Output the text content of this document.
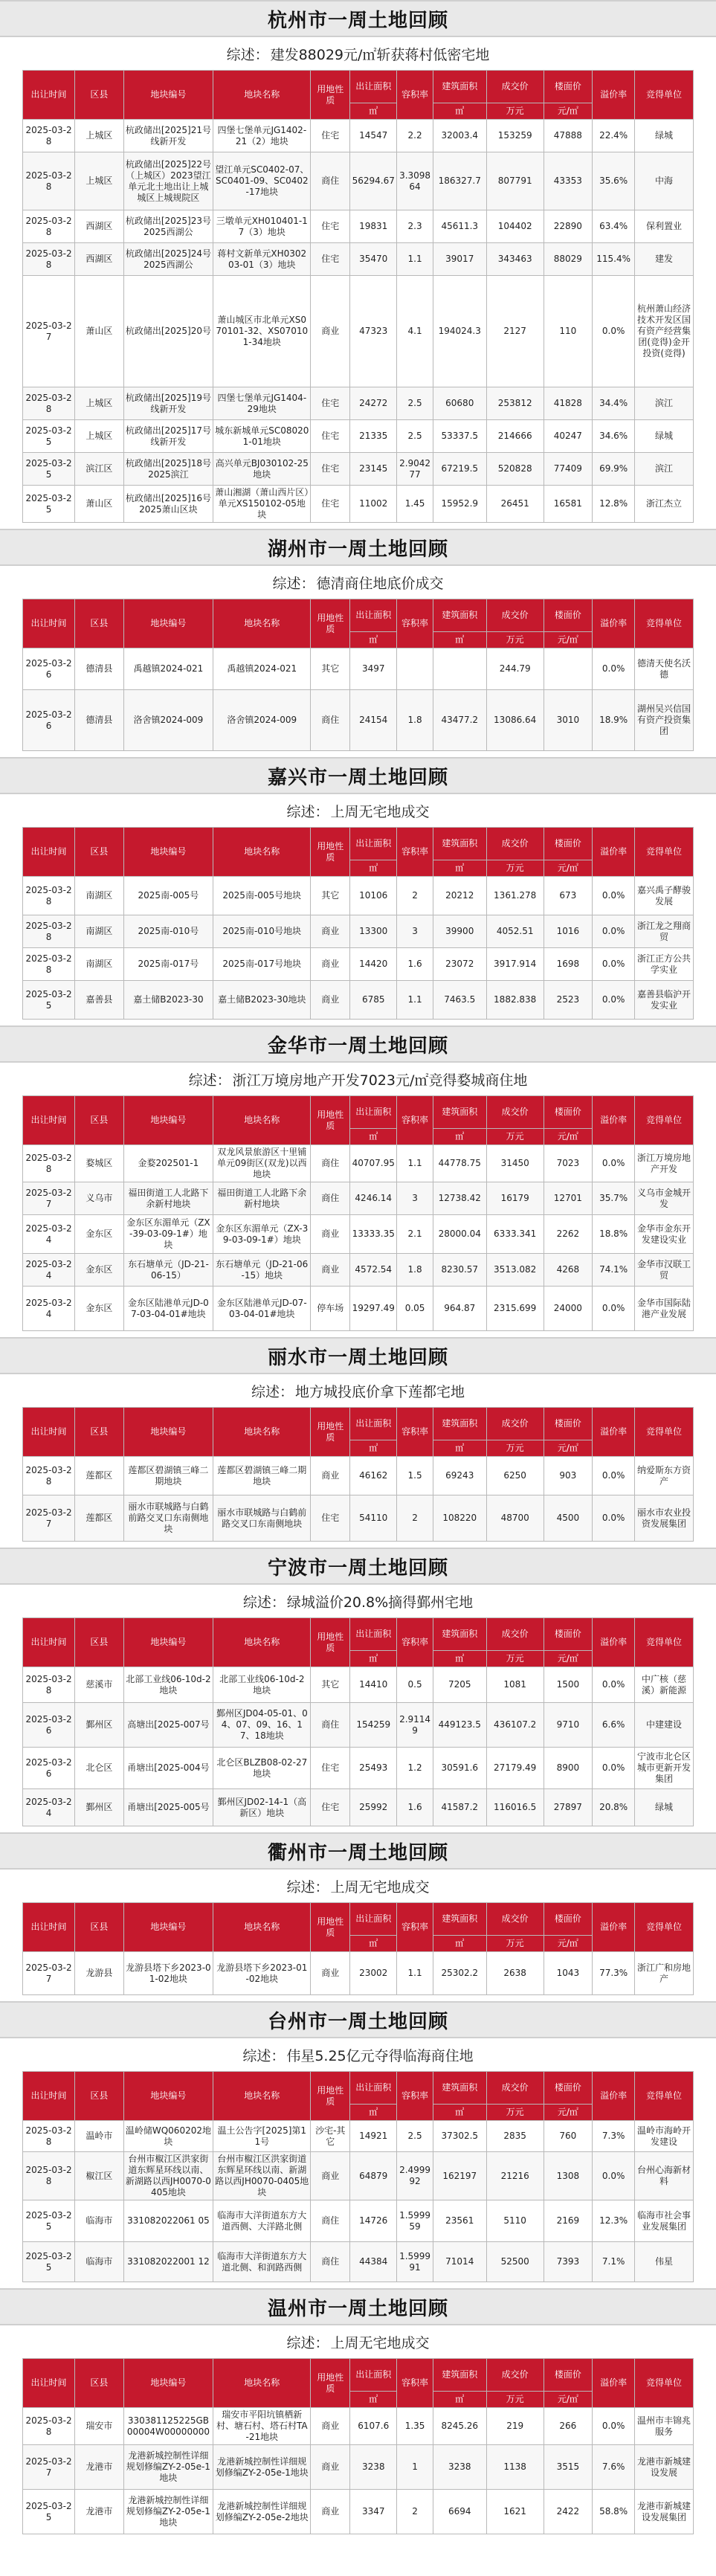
杭州市一周土地回顾
综述： 建发88029元/㎡斩获蒋村低密宅地
出让时间	区县	地块编号	地块名称	用地性质	出让面积	容积率	建筑面积	成交价	楼面价	溢价率	竞得单位
					㎡		㎡	万元	元/㎡		
2025-03-28	上城区	杭政储出[2025]21号线新开发	四堡七堡单元JG1402-21（2）地块	住宅	14547	2.2	32003.4	153259	47888	22.4%	绿城
2025-03-28	上城区	杭政储出[2025]22号（上城区）2023望江单元北土地出让上城城区上城规院区	望江单元SC0402-07、SC0401-09、SC0402-17地块	商住	56294.67	3.3098 64	186327.7	807791	43353	35.6%	中海
2025-03-28	西湖区	杭政储出[2025]23号 2025西湖公	三墩单元XH010401-17（3）地块	住宅	19831	2.3	45611.3	104402	22890	63.4%	保利置业
2025-03-28	西湖区	杭政储出[2025]24号 2025西湖公	蒋村文新单元XH030203-01（3）地块	住宅	35470	1.1	39017	343463	88029	115.4%	建发
2025-03-27	萧山区	杭政储出[2025]20号	萧山城区市北单元XS070101-32、XS070101-34地块	商业	47323	4.1	194024.3	2127	110	0.0%	杭州萧山经济技术开发区国有资产经营集团(竞得)金开投资(竞得)
2025-03-28	上城区	杭政储出[2025]19号线新开发	四堡七堡单元JG1404-29地块	住宅	24272	2.5	60680	253812	41828	34.4%	滨江
2025-03-25	上城区	杭政储出[2025]17号 线新开发	城东新城单元SC080201-01地块	住宅	21335	2.5	53337.5	214666	40247	34.6%	绿城
2025-03-25	滨江区	杭政储出[2025]18号 2025滨江	高兴单元BJ030102-25地块	住宅	23145	2.9042 77	67219.5	520828	77409	69.9%	滨江
2025-03-25	萧山区	杭政储出[2025]16号 2025萧山区块	萧山湘湖（萧山西片区）单元XS150102-05地块	住宅	11002	1.45	15952.9	26451	16581	12.8%	浙江杰立
湖州市一周土地回顾
综述： 德清商住地底价成交
出让时间	区县	地块编号	地块名称	用地性质	出让面积	容积率	建筑面积	成交价	楼面价	溢价率	竞得单位
					㎡		㎡	万元	元/㎡		
2025-03-26	德清县	禹越镇2024-021	禹越镇2024-021	其它	3497			244.79		0.0%	德清天使名沃德
2025-03-26	德清县	洛舍镇2024-009	洛舍镇2024-009	商住	24154	1.8	43477.2	13086.64	3010	18.9%	湖州吴兴信国有资产投资集团
嘉兴市一周土地回顾
综述： 上周无宅地成交
出让时间	区县	地块编号	地块名称	用地性质	出让面积	容积率	建筑面积	成交价	楼面价	溢价率	竞得单位
					㎡		㎡	万元	元/㎡		
2025-03-28	南湖区	2025南-005号	2025南-005号地块	其它	10106	2	20212	1361.278	673	0.0%	嘉兴禹子酵骏发展
2025-03-28	南湖区	2025南-010号	2025南-010号地块	商业	13300	3	39900	4052.51	1016	0.0%	浙江龙之翔商贸
2025-03-28	南湖区	2025南-017号	2025南-017号地块	商业	14420	1.6	23072	3917.914	1698	0.0%	浙江正方公共学实业
2025-03-25	嘉善县	嘉土储B2023-30	嘉土储B2023-30地块	商业	6785	1.1	7463.5	1882.838	2523	0.0%	嘉善县临沪开发实业
金华市一周土地回顾
综述： 浙江万境房地产开发7023元/㎡竞得婺城商住地
出让时间	区县	地块编号	地块名称	用地性质	出让面积	容积率	建筑面积	成交价	楼面价	溢价率	竞得单位
					㎡		㎡	万元	元/㎡		
2025-03-28	婺城区	金婺202501-1	双龙风景旅游区十里铺单元09街区(双龙)以西地块	商住	40707.95	1.1	44778.75	31450	7023	0.0%	浙江万境房地产开发
2025-03-27	义乌市	福田街道工人北路下余新村地块	福田街道工人北路下余新村地块	商住	4246.14	3	12738.42	16179	12701	35.7%	义乌市金城开发
2025-03-24	金东区	金东区东湄单元（ZX-39-03-09-1#）地块	金东区东湄单元（ZX-39-03-09-1#）地块	商业	13333.35	2.1	28000.04	6333.341	2262	18.8%	金华市金东开发建设实业
2025-03-24	金东区	东石塘单元（JD-21-06-15）	东石塘单元（JD-21-06-15）地块	商业	4572.54	1.8	8230.57	3513.082	4268	74.1%	金华市汉联工贸
2025-03-24	金东区	金东区陆港单元JD-07-03-04-01#地块	金东区陆港单元JD-07-03-04-01#地块	停车场	19297.49	0.05	964.87	2315.699	24000	0.0%	金华市国际陆港产业发展
丽水市一周土地回顾
综述： 地方城投底价拿下莲都宅地
出让时间	区县	地块编号	地块名称	用地性质	出让面积	容积率	建筑面积	成交价	楼面价	溢价率	竞得单位
					㎡		㎡	万元	元/㎡		
2025-03-28	莲都区	莲都区碧湖镇三峰二期地块	莲都区碧湖镇三峰二期地块	商业	46162	1.5	69243	6250	903	0.0%	纳爱斯东方资产
2025-03-27	莲都区	丽水市联城路与白鹤前路交叉口东南侧地块	丽水市联城路与白鹤前路交叉口东南侧地块	住宅	54110	2	108220	48700	4500	0.0%	丽水市农业投资发展集团
宁波市一周土地回顾
综述： 绿城溢价20.8%摘得鄞州宅地
出让时间	区县	地块编号	地块名称	用地性质	出让面积	容积率	建筑面积	成交价	楼面价	溢价率	竞得单位
					㎡		㎡	万元	元/㎡		
2025-03-28	慈溪市	北部工业线06-10d-2地块	北部工业线06-10d-2地块	其它	14410	0.5	7205	1081	1500	0.0%	中广核（慈溪）新能源
2025-03-26	鄞州区	高塘出[2025-007号	鄞州区JD04-05-01、04、07、09、16、17、18地块	商住	154259	2.9114 9	449123.5	436107.2	9710	6.6%	中建建设
2025-03-26	北仑区	甬塘出[2025-004号	北仑区BLZB08-02-27地块	住宅	25493	1.2	30591.6	27179.49	8900	0.0%	宁波市北仑区城市更新开发集团
2025-03-24	鄞州区	甬塘出[2025-005号	鄞州区JD02-14-1（高新区）地块	住宅	25992	1.6	41587.2	116016.5	27897	20.8%	绿城
衢州市一周土地回顾
综述： 上周无宅地成交
出让时间	区县	地块编号	地块名称	用地性质	出让面积	容积率	建筑面积	成交价	楼面价	溢价率	竞得单位
					㎡		㎡	万元	元/㎡		
2025-03-27	龙游县	龙游县塔下乡2023-01-02地块	龙游县塔下乡2023-01-02地块	商业	23002	1.1	25302.2	2638	1043	77.3%	浙江广和房地产
台州市一周土地回顾
综述： 伟星5.25亿元夺得临海商住地
出让时间	区县	地块编号	地块名称	用地性质	出让面积	容积率	建筑面积	成交价	楼面价	溢价率	竞得单位
					㎡		㎡	万元	元/㎡		
2025-03-28	温岭市	温岭储WQ060202地块	温土公告字[2025]第11号	沙宅-其它	14921	2.5	37302.5	2835	760	7.3%	温岭市海岭开发建设
2025-03-28	椒江区	台州市椒江区洪家街道东辉星环线以南、新湖路以西JH0070-0405地块	台州市椒江区洪家街道东辉星环线以南、新湖路以西JH0070-0405地块	商业	64879	2.4999 92	162197	21216	1308	0.0%	台州心海新材料
2025-03-25	临海市	331082022061 05	临海市大洋街道东方大道西侧、大洋路北侧	商住	14726	1.5999 59	23561	5110	2169	12.3%	临海市社会事业发展集团
2025-03-25	临海市	331082022001 12	临海市大洋街道东方大道北侧、和润路西侧	商住	44384	1.5999 91	71014	52500	7393	7.1%	伟星
温州市一周土地回顾
综述： 上周无宅地成交
出让时间	区县	地块编号	地块名称	用地性质	出让面积	容积率	建筑面积	成交价	楼面价	溢价率	竞得单位
					㎡		㎡	万元	元/㎡		
2025-03-28	瑞安市	330381125225GB00004W00000000	瑞安市平阳坑镇栖新村、塘石村、塔石村TA-21地块	商业	6107.6	1.35	8245.26	219	266	0.0%	温州市丰锦兆服务
2025-03-27	龙港市	龙港新城控制性详细规划修编ZY-2-05e-1地块	龙港新城控制性详细规划修编ZY-2-05e-1地块	商业	3238	1	3238	1138	3515	7.6%	龙港市新城建设发展
2025-03-25	龙港市	龙港新城控制性详细规划修编ZY-2-05e-1地块	龙港新城控制性详细规划修编ZY-2-05e-2地块	商业	3347	2	6694	1621	2422	58.8%	龙港市新城建设发展集团
